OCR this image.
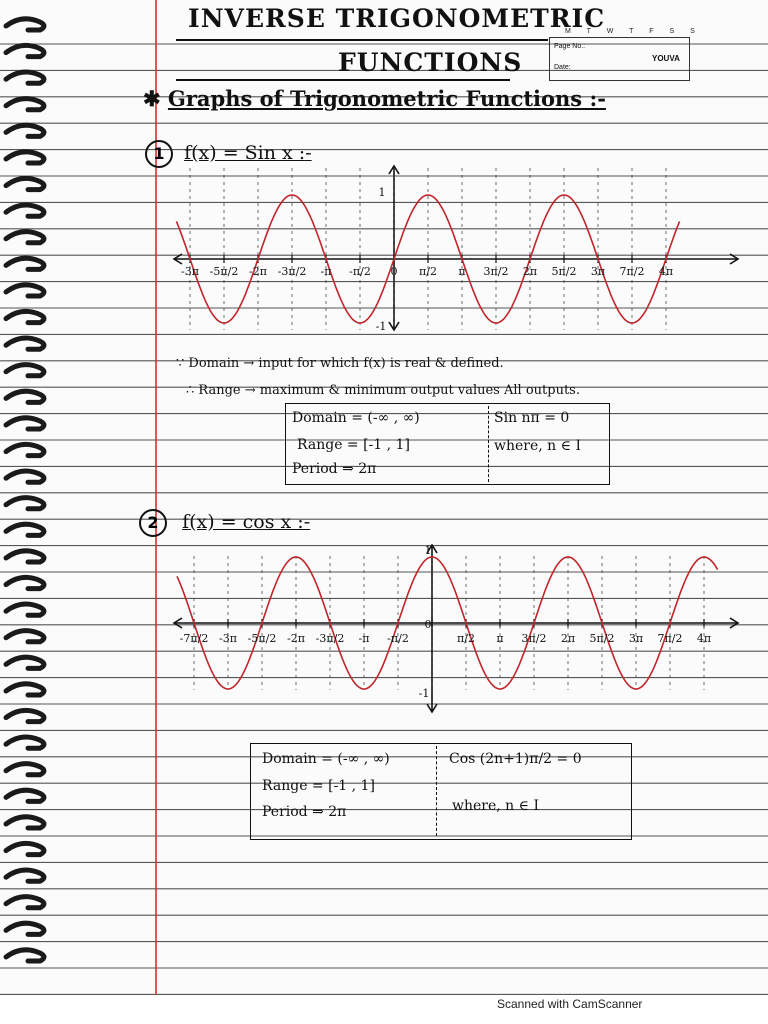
INVERSE TRIGONOMETRIC
FUNCTIONS
M T W T F S S
Page No.:
Date:
YOUVA
✱ Graphs of Trigonometric Functions :-
1 f(x) = Sin x :-
-3π -5π/2 -2π -3π/2 -π -π/2 0 π/2 π 3π/2 2π 5π/2 3π 7π/2 4π
1
-1
∵ Domain → input for which f(x) is real & defined.
∴ Range → maximum & minimum output values All outputs.
Domain = (-∞ , ∞)
Range = [-1 , 1]
Period ⇒ 2π
Sin nπ = 0
where, n ∈ I
2 f(x) = cos x :-
-7π/2 -3π -5π/2 -2π -3π/2 -π -π/2	π/2 π 3π/2 2π 5π/2 3π 7π/2 4π
1
0
-1
Domain = (-∞ , ∞)
Range = [-1 , 1]
Period ⇒ 2π
Cos (2n+1)π/2 = 0
where, n ∈ I
Scanned with CamScanner
